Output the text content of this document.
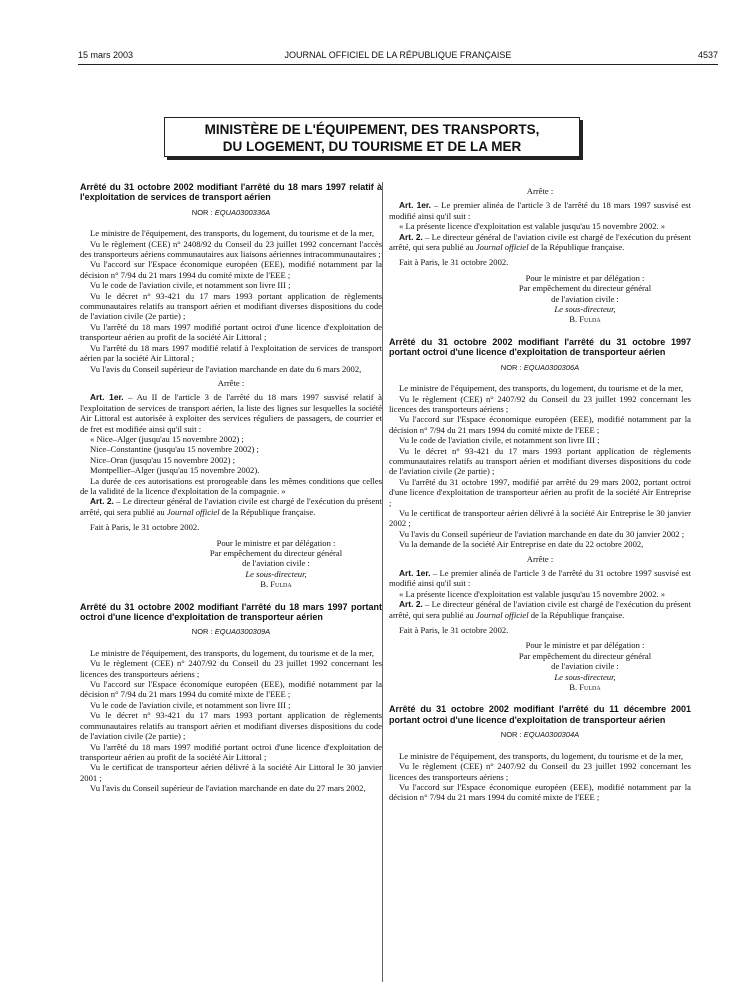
15 mars 2003	JOURNAL OFFICIEL DE LA RÉPUBLIQUE FRANÇAISE	4537
MINISTÈRE DE L'ÉQUIPEMENT, DES TRANSPORTS,
DU LOGEMENT, DU TOURISME ET DE LA MER

Arrêté du 31 octobre 2002 modifiant l'arrêté du 18 mars 1997 relatif à l'exploitation de services de transport aérien

NOR : EQUA0300336A

Le ministre de l'équipement, des transports, du logement, du tourisme et de la mer,

Vu le règlement (CEE) n° 2408/92 du Conseil du 23 juillet 1992 concernant l'accès des transporteurs aériens communautaires aux liaisons aériennes intracommunautaires ;

Vu l'accord sur l'Espace économique européen (EEE), modifié notamment par la décision n° 7/94 du 21 mars 1994 du comité mixte de l'EEE ;

Vu le code de l'aviation civile, et notamment son livre III ;

Vu le décret n° 93-421 du 17 mars 1993 portant application de règlements communautaires relatifs au transport aérien et modifiant diverses dispositions du code de l'aviation civile (2e partie) ;

Vu l'arrêté du 18 mars 1997 modifié portant octroi d'une licence d'exploitation de transporteur aérien au profit de la société Air Littoral ;

Vu l'arrêté du 18 mars 1997 modifié relatif à l'exploitation de services de transport aérien par la société Air Littoral ;

Vu l'avis du Conseil supérieur de l'aviation marchande en date du 6 mars 2002,

Arrête :

Art. 1er. – Au II de l'article 3 de l'arrêté du 18 mars 1997 susvisé relatif à l'exploitation de services de transport aérien, la liste des lignes sur lesquelles la société Air Littoral est autorisée à exploiter des services réguliers de passagers, de courrier et de fret est modifiée ainsi qu'il suit :

« Nice–Alger (jusqu'au 15 novembre 2002) ;

Nice–Constantine (jusqu'au 15 novembre 2002) ;

Nice–Oran (jusqu'au 15 novembre 2002) ;

Montpellier–Alger (jusqu'au 15 novembre 2002).

La durée de ces autorisations est prorogeable dans les mêmes conditions que celles de la validité de la licence d'exploitation de la compagnie. »

Art. 2. – Le directeur général de l'aviation civile est chargé de l'exécution du présent arrêté, qui sera publié au Journal officiel de la République française.

Fait à Paris, le 31 octobre 2002.

Pour le ministre et par délégation :
Par empêchement du directeur général
de l'aviation civile :
Le sous-directeur,
B. Fulda

Arrêté du 31 octobre 2002 modifiant l'arrêté du 18 mars 1997 portant octroi d'une licence d'exploitation de transporteur aérien

NOR : EQUA0300309A

Le ministre de l'équipement, des transports, du logement, du tourisme et de la mer,

Vu le règlement (CEE) n° 2407/92 du Conseil du 23 juillet 1992 concernant les licences des transporteurs aériens ;

Vu l'accord sur l'Espace économique européen (EEE), modifié notamment par la décision n° 7/94 du 21 mars 1994 du comité mixte de l'EEE ;

Vu le code de l'aviation civile, et notamment son livre III ;

Vu le décret n° 93-421 du 17 mars 1993 portant application de règlements communautaires relatifs au transport aérien et modifiant diverses dispositions du code de l'aviation civile (2e partie) ;

Vu l'arrêté du 18 mars 1997 modifié portant octroi d'une licence d'exploitation de transporteur aérien au profit de la société Air Littoral ;

Vu le certificat de transporteur aérien délivré à la société Air Littoral le 30 janvier 2001 ;

Vu l'avis du Conseil supérieur de l'aviation marchande en date du 27 mars 2002,

Arrête :

Art. 1er. – Le premier alinéa de l'article 3 de l'arrêté du 18 mars 1997 susvisé est modifié ainsi qu'il suit :

« La présente licence d'exploitation est valable jusqu'au 15 novembre 2002. »

Art. 2. – Le directeur général de l'aviation civile est chargé de l'exécution du présent arrêté, qui sera publié au Journal officiel de la République française.

Fait à Paris, le 31 octobre 2002.

Pour le ministre et par délégation :
Par empêchement du directeur général
de l'aviation civile :
Le sous-directeur,
B. Fulda

Arrêté du 31 octobre 2002 modifiant l'arrêté du 31 octobre 1997 portant octroi d'une licence d'exploitation de transporteur aérien

NOR : EQUA0300306A

Le ministre de l'équipement, des transports, du logement, du tourisme et de la mer,

Vu le règlement (CEE) n° 2407/92 du Conseil du 23 juillet 1992 concernant les licences des transporteurs aériens ;

Vu l'accord sur l'Espace économique européen (EEE), modifié notamment par la décision n° 7/94 du 21 mars 1994 du comité mixte de l'EEE ;

Vu le code de l'aviation civile, et notamment son livre III ;

Vu le décret n° 93-421 du 17 mars 1993 portant application de règlements communautaires relatifs au transport aérien et modifiant diverses dispositions du code de l'aviation civile (2e partie) ;

Vu l'arrêté du 31 octobre 1997, modifié par arrêté du 29 mars 2002, portant octroi d'une licence d'exploitation de transporteur aérien au profit de la société Air Entreprise ;

Vu le certificat de transporteur aérien délivré à la société Air Entreprise le 30 janvier 2002 ;

Vu l'avis du Conseil supérieur de l'aviation marchande en date du 30 janvier 2002 ;

Vu la demande de la société Air Entreprise en date du 22 octobre 2002,

Arrête :

Art. 1er. – Le premier alinéa de l'article 3 de l'arrêté du 31 octobre 1997 susvisé est modifié ainsi qu'il suit :

« La présente licence d'exploitation est valable jusqu'au 15 novembre 2002. »

Art. 2. – Le directeur général de l'aviation civile est chargé de l'exécution du présent arrêté, qui sera publié au Journal officiel de la République française.

Fait à Paris, le 31 octobre 2002.

Pour le ministre et par délégation :
Par empêchement du directeur général
de l'aviation civile :
Le sous-directeur,
B. Fulda

Arrêté du 31 octobre 2002 modifiant l'arrêté du 11 décembre 2001 portant octroi d'une licence d'exploitation de transporteur aérien

NOR : EQUA0300304A

Le ministre de l'équipement, des transports, du logement, du tourisme et de la mer,

Vu le règlement (CEE) n° 2407/92 du Conseil du 23 juillet 1992 concernant les licences des transporteurs aériens ;

Vu l'accord sur l'Espace économique européen (EEE), modifié notamment par la décision n° 7/94 du 21 mars 1994 du comité mixte de l'EEE ;
